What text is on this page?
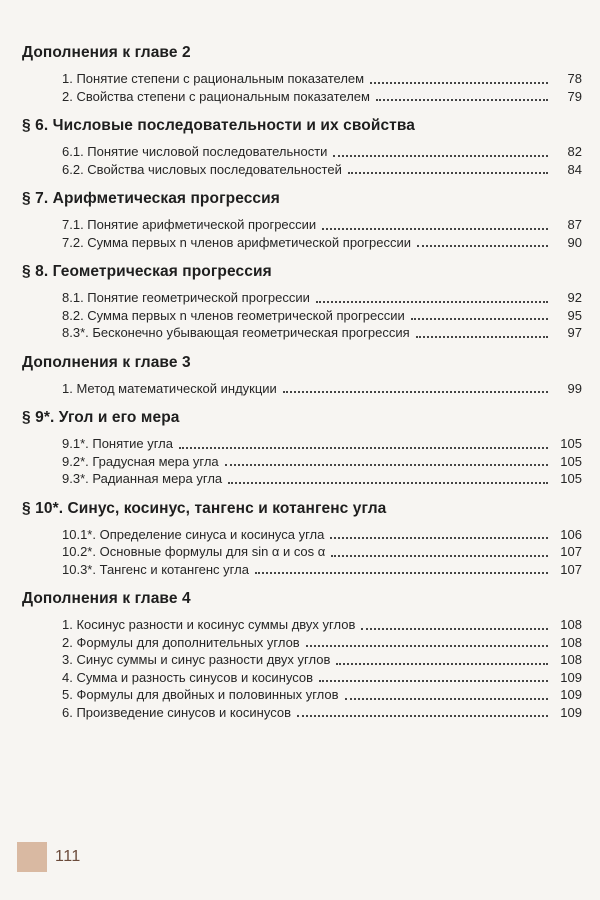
Дополнения к главе 2
1. Понятие степени с рациональным показателем	78
2. Свойства степени с рациональным показателем	79
§ 6. Числовые последовательности и их свойства
6.1. Понятие числовой последовательности	82
6.2. Свойства числовых последовательностей	84
§ 7. Арифметическая прогрессия
7.1. Понятие арифметической прогрессии	87
7.2. Сумма первых n членов арифметической прогрессии	90
§ 8. Геометрическая прогрессия
8.1. Понятие геометрической прогрессии	92
8.2. Сумма первых n членов геометрической прогрессии	95
8.3*. Бесконечно убывающая геометрическая прогрессия	97
Дополнения к главе 3
1. Метод математической индукции	99
§ 9*. Угол и его мера
9.1*. Понятие угла	105
9.2*. Градусная мера угла	105
9.3*. Радианная мера угла	105
§ 10*. Синус, косинус, тангенс и котангенс угла
10.1*. Определение синуса и косинуса угла	106
10.2*. Основные формулы для sin α и cos α	107
10.3*. Тангенс и котангенс угла	107
Дополнения к главе 4
1. Косинус разности и косинус суммы двух углов	108
2. Формулы для дополнительных углов	108
3. Синус суммы и синус разности двух углов	108
4. Сумма и разность синусов и косинусов	109
5. Формулы для двойных и половинных углов	109
6. Произведение синусов и косинусов	109
111
